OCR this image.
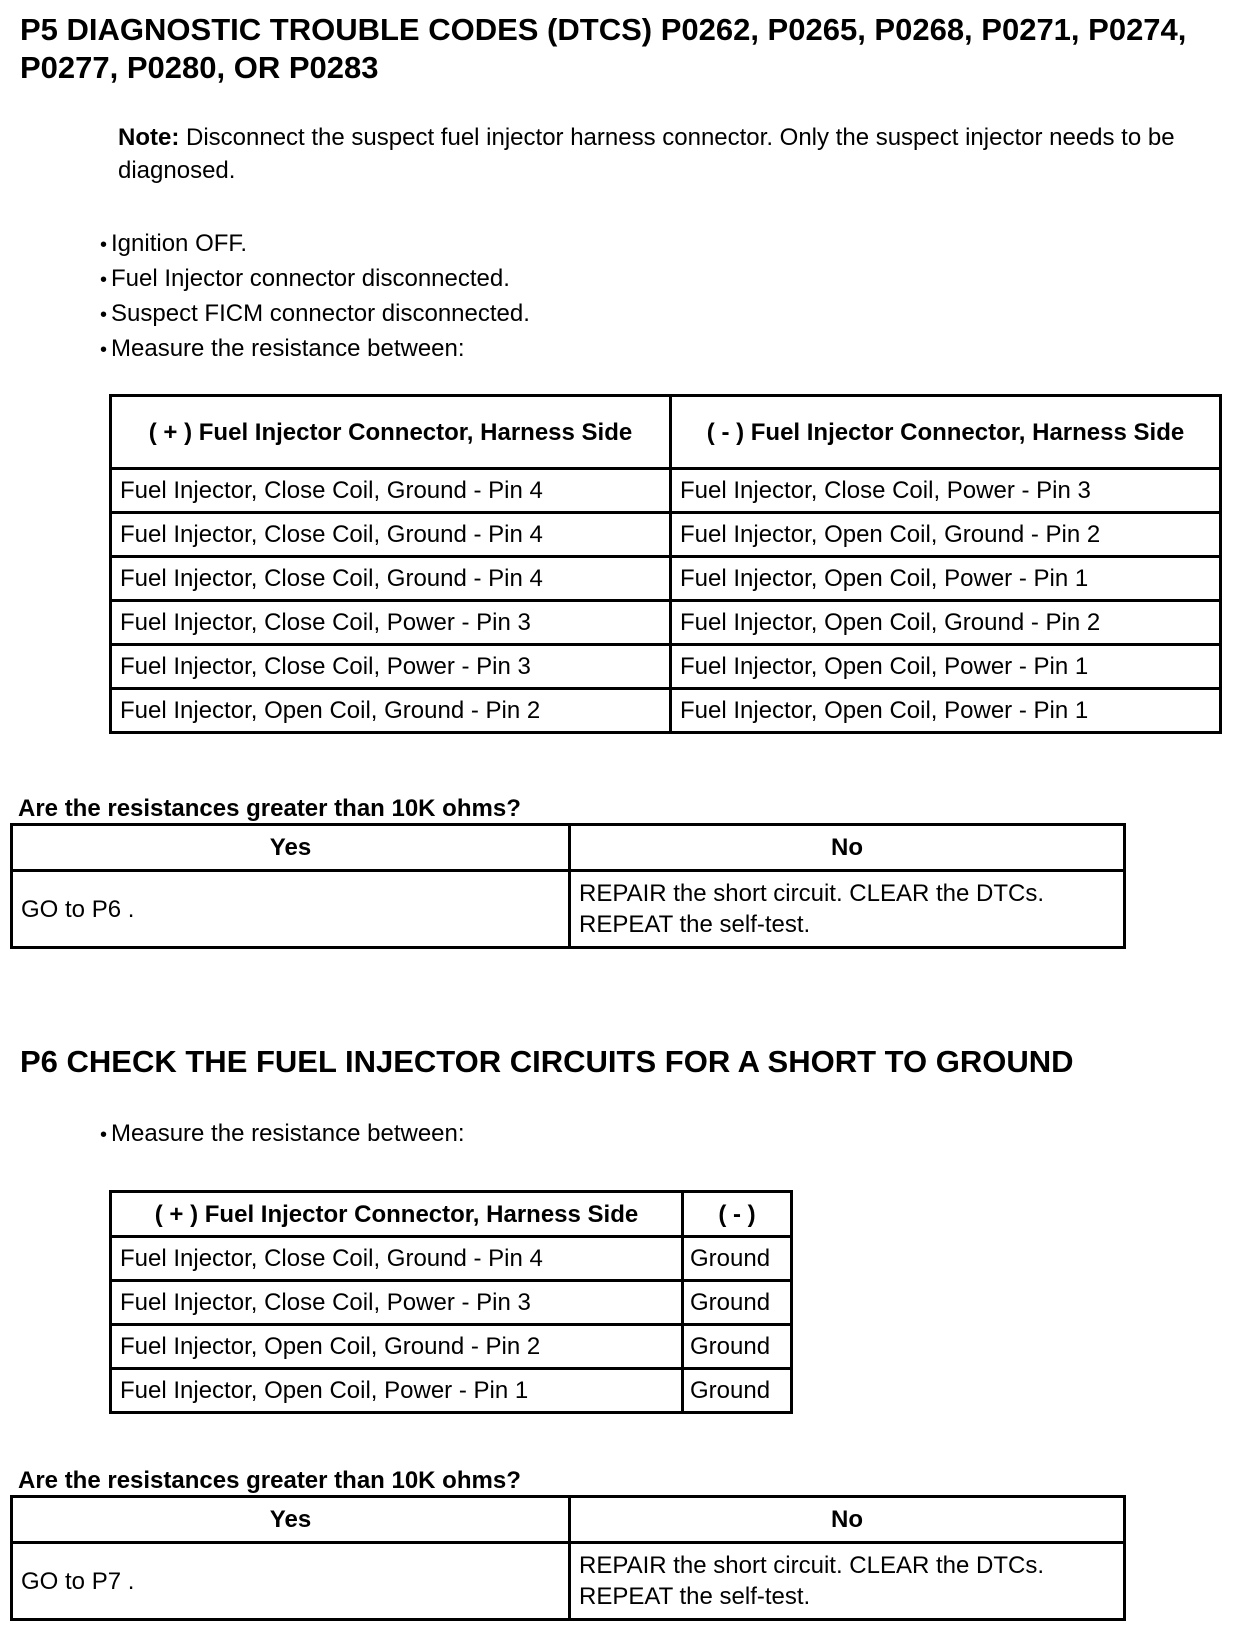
P5 DIAGNOSTIC TROUBLE CODES (DTCS) P0262, P0265, P0268, P0271, P0274, P0277, P0280, OR P0283

Note: Disconnect the suspect fuel injector harness connector. Only the suspect injector needs to be diagnosed.

• Ignition OFF.
• Fuel Injector connector disconnected.
• Suspect FICM connector disconnected.
• Measure the resistance between:
( + ) Fuel Injector Connector, Harness Side	( - ) Fuel Injector Connector, Harness Side
Fuel Injector, Close Coil, Ground - Pin 4	Fuel Injector, Close Coil, Power - Pin 3
Fuel Injector, Close Coil, Ground - Pin 4	Fuel Injector, Open Coil, Ground - Pin 2
Fuel Injector, Close Coil, Ground - Pin 4	Fuel Injector, Open Coil, Power - Pin 1
Fuel Injector, Close Coil, Power - Pin 3	Fuel Injector, Open Coil, Ground - Pin 2
Fuel Injector, Close Coil, Power - Pin 3	Fuel Injector, Open Coil, Power - Pin 1
Fuel Injector, Open Coil, Ground - Pin 2	Fuel Injector, Open Coil, Power - Pin 1

Are the resistances greater than 10K ohms?

Yes	No
GO to P6 .	REPAIR the short circuit. CLEAR the DTCs.
REPEAT the self-test.
P6 CHECK THE FUEL INJECTOR CIRCUITS FOR A SHORT TO GROUND
• Measure the resistance between:
( + ) Fuel Injector Connector, Harness Side	( - )
Fuel Injector, Close Coil, Ground - Pin 4	Ground
Fuel Injector, Close Coil, Power - Pin 3	Ground
Fuel Injector, Open Coil, Ground - Pin 2	Ground
Fuel Injector, Open Coil, Power - Pin 1	Ground

Are the resistances greater than 10K ohms?

Yes	No
GO to P7 .	REPAIR the short circuit. CLEAR the DTCs.
REPEAT the self-test.
